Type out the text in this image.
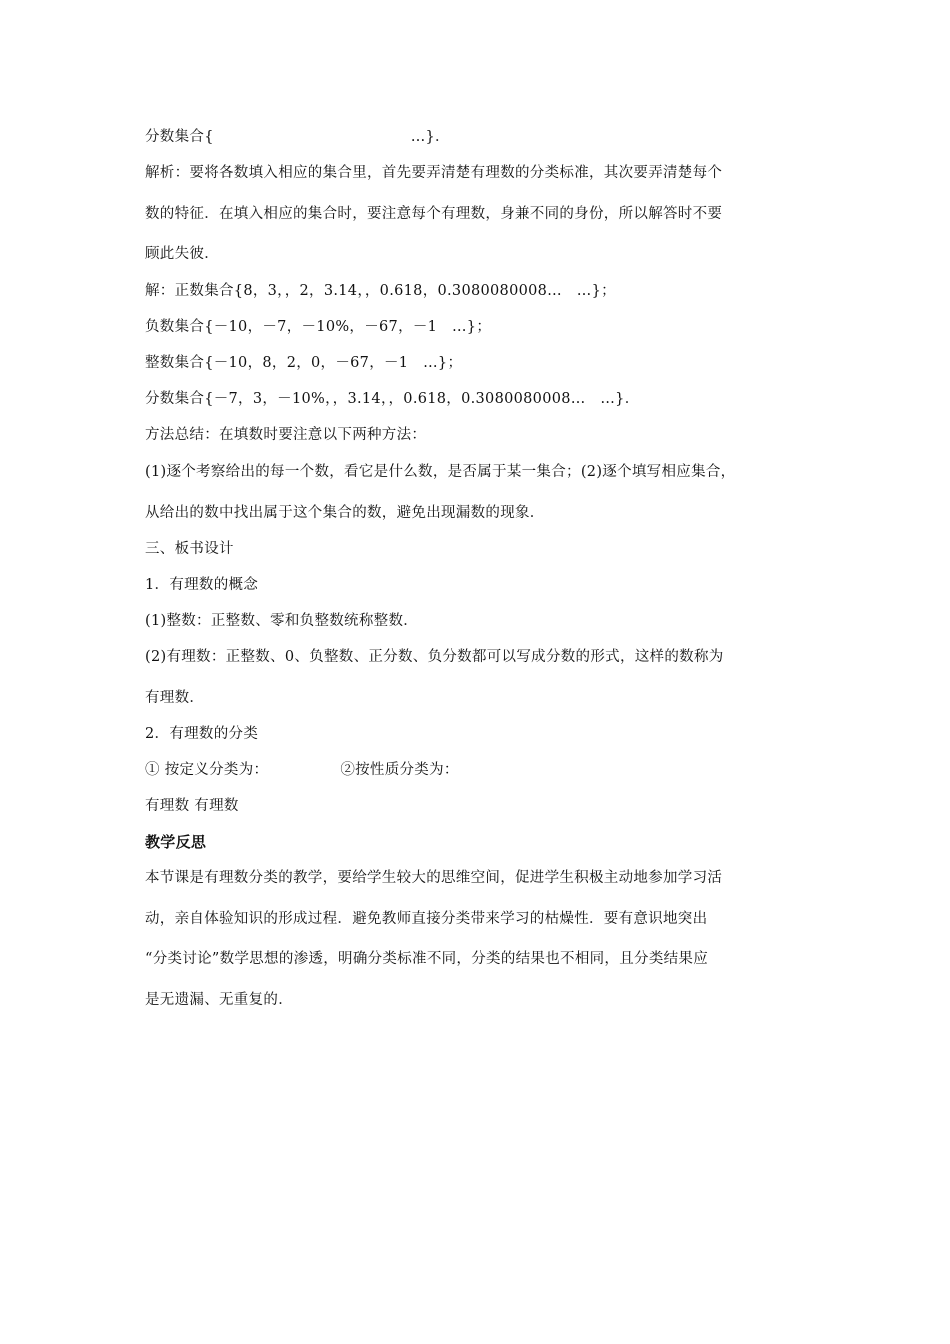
分数集合{	…}．
解析：要将各数填入相应的集合里，首先要弄清楚有理数的分类标准，其次要弄清楚每个
数的特征．在填入相应的集合时，要注意每个有理数，身兼不同的身份，所以解答时不要
顾此失彼．
解：正数集合{8，3，，2，3.14，，0.618，0.3080080008…　…}；
负数集合{－10，－7，－10%，－67，－1　…}；
整数集合{－10，8，2，0，－67，－1　…}；
分数集合{－7，3，－10%，，3.14，，0.618，0.3080080008…　…}．
方法总结：在填数时要注意以下两种方法：
(1)逐个考察给出的每一个数，看它是什么数，是否属于某一集合；(2)逐个填写相应集合，
从给出的数中找出属于这个集合的数，避免出现漏数的现象．
三、板书设计
1．有理数的概念
(1)整数：正整数、零和负整数统称整数．
(2)有理数：正整数、0、负整数、正分数、负分数都可以写成分数的形式，这样的数称为
有理数．
2．有理数的分类
① 按定义分类为：	②按性质分类为：
有理数 有理数
教学反思
本节课是有理数分类的教学，要给学生较大的思维空间，促进学生积极主动地参加学习活
动，亲自体验知识的形成过程．避免教师直接分类带来学习的枯燥性．要有意识地突出
“分类讨论”数学思想的渗透，明确分类标准不同，分类的结果也不相同，且分类结果应
是无遗漏、无重复的．
